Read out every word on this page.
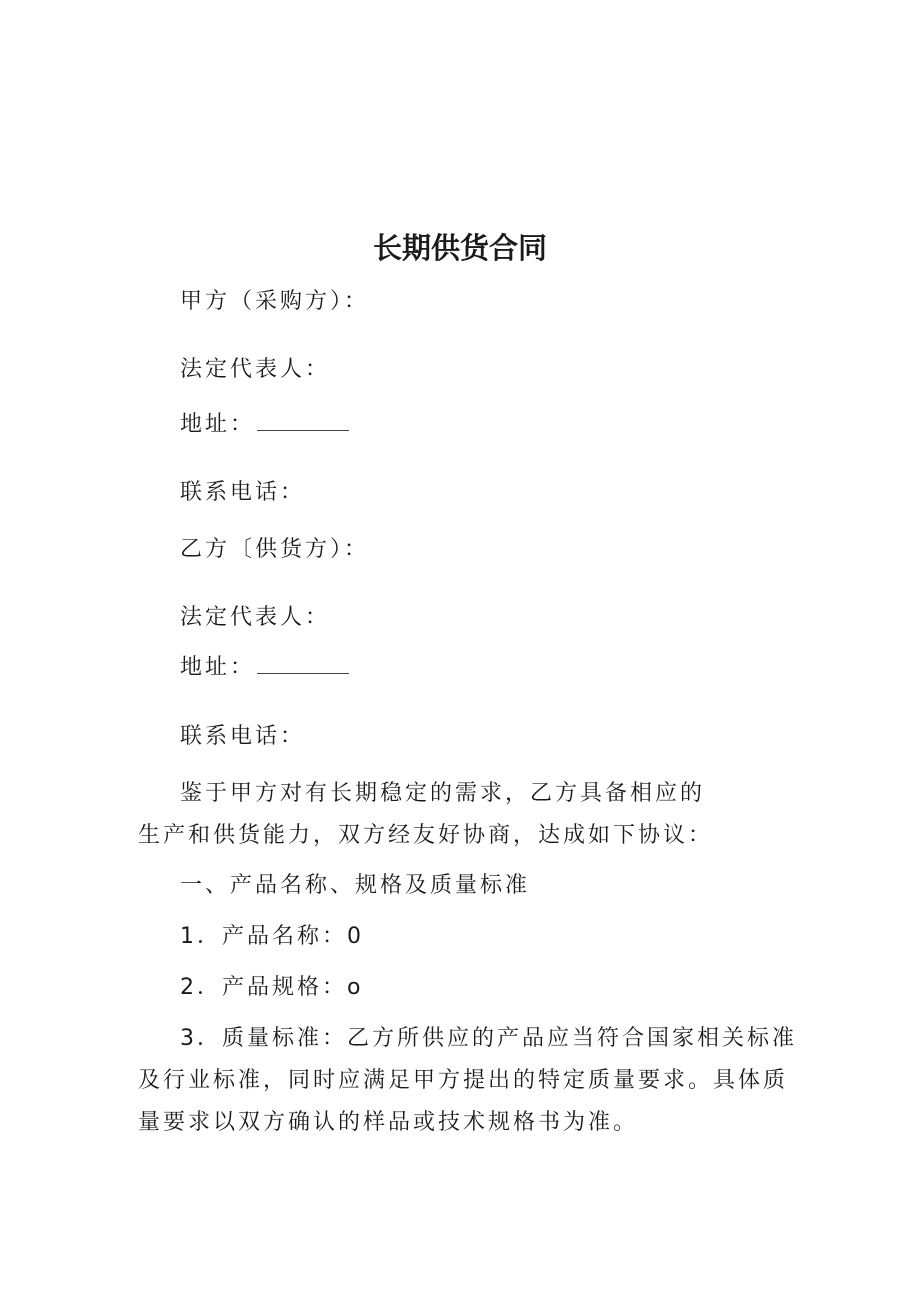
长期供货合同
甲方（采购方）：
法定代表人：
地址：
联系电话：
乙方〔供货方）：
法定代表人：
地址：
联系电话：
鉴于甲方对有长期稳定的需求，乙方具备相应的
生产和供货能力，双方经友好协商，达成如下协议：
一、产品名称、规格及质量标准
1．产品名称：0
2．产品规格：o
3．质量标准：乙方所供应的产品应当符合国家相关标准及行业标准，同时应满足甲方提出的特定质量要求。具体质量要求以双方确认的样品或技术规格书为准。
